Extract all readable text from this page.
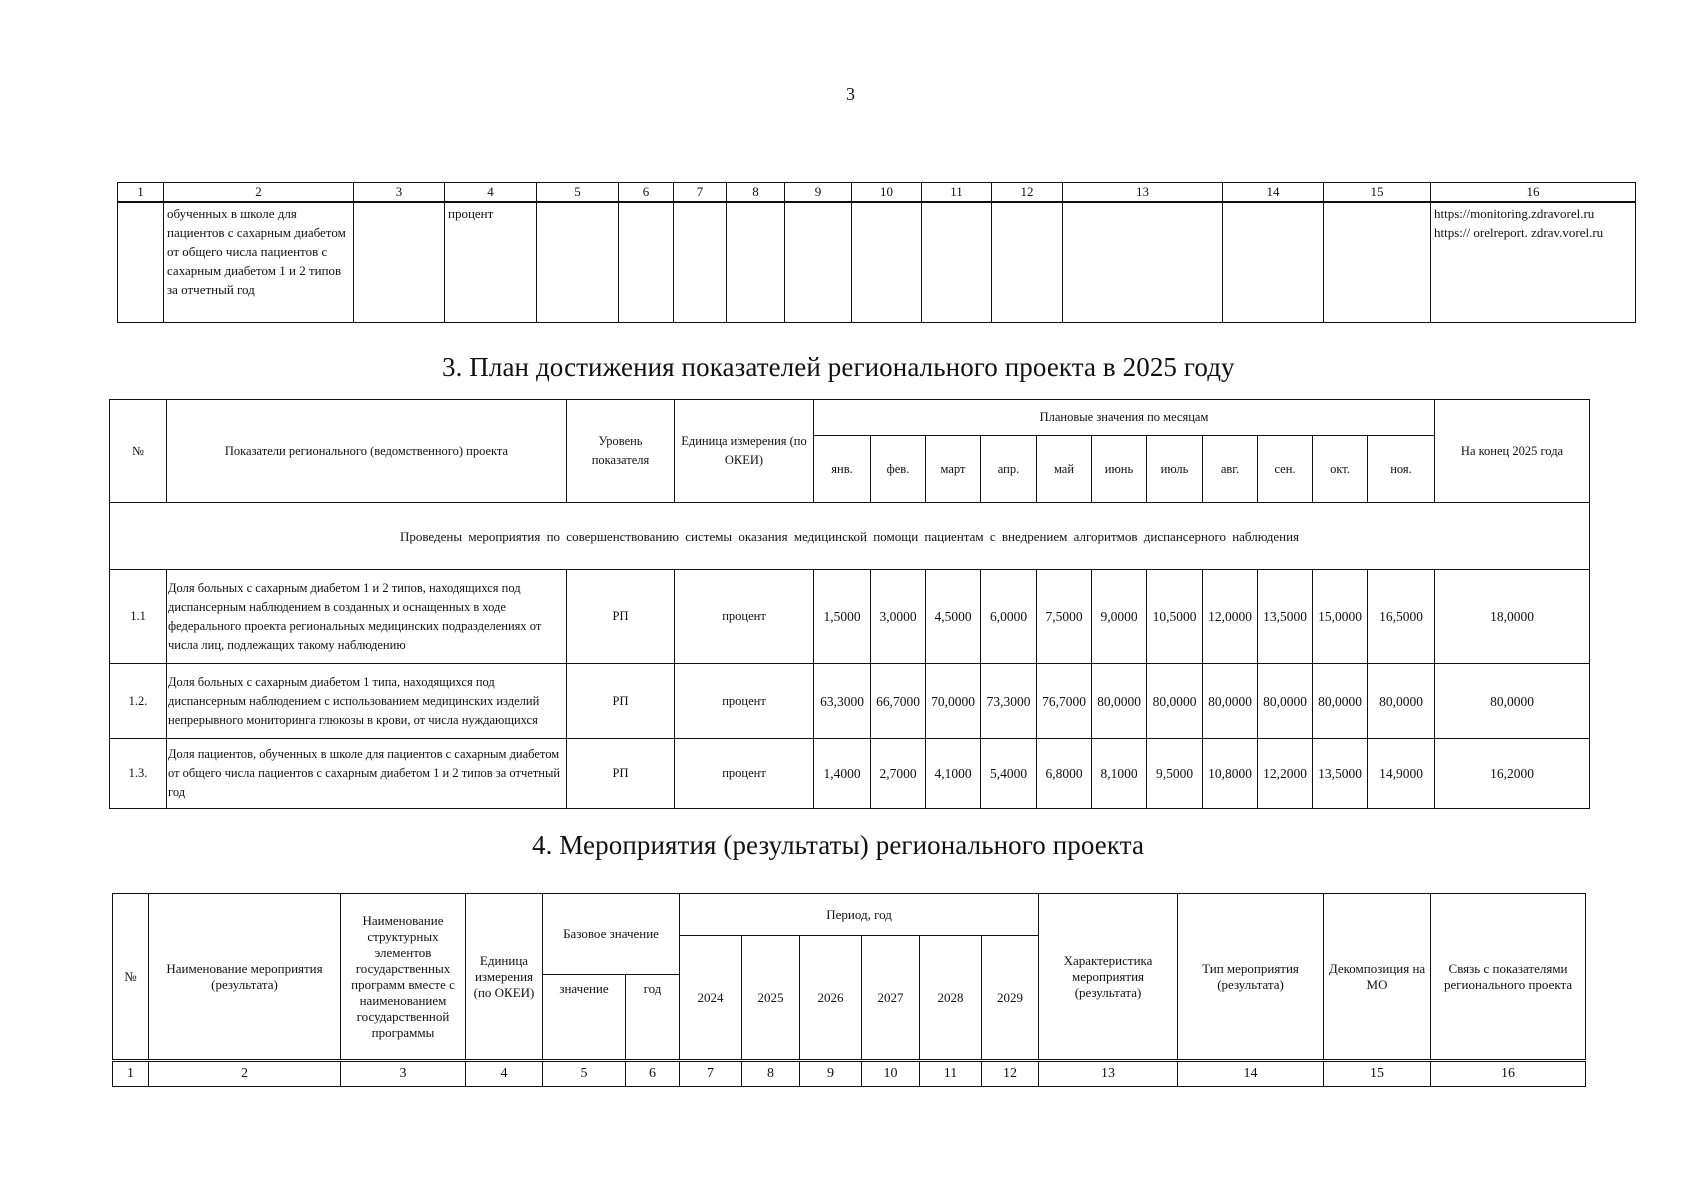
3
1	2	3	4	5	6	7	8	9	10	11	12	13	14	15	16
	обученных в школе для пациентов с сахарным диабетом от общего числа пациентов с сахарным диабетом 1 и 2 типов за отчетный год		процент												https://monitoring.zdravorel.ru
https:// orelreport. zdrav.vorel.ru
3. План достижения показателей регионального проекта в 2025 году
№	Показатели регионального (ведомственного) проекта	Уровень показателя	Единица измерения (по ОКЕИ)	Плановые значения по месяцам											На конец 2025 года
				янв.	фев.	март	апр.	май	июнь	июль	авг.	сен.	окт.	ноя.	
Проведены мероприятия по совершенствованию системы оказания медицинской помощи пациентам с внедрением алгоритмов диспансерного наблюдения															
1.1	Доля больных с сахарным диабетом 1 и 2 типов, находящихся под диспансерным наблюдением в созданных и оснащенных в ходе федерального проекта региональных медицинских подразделениях от числа лиц, подлежащих такому наблюдению	РП	процент	1,5000	3,0000	4,5000	6,0000	7,5000	9,0000	10,5000	12,0000	13,5000	15,0000	16,5000	18,0000
1.2.	Доля больных с сахарным диабетом 1 типа, находящихся под диспансерным наблюдением с использованием медицинских изделий непрерывного мониторинга глюкозы в крови, от числа нуждающихся	РП	процент	63,3000	66,7000	70,0000	73,3000	76,7000	80,0000	80,0000	80,0000	80,0000	80,0000	80,0000	80,0000
1.3.	Доля пациентов, обученных в школе для пациентов с сахарным диабетом от общего числа пациентов с сахарным диабетом 1 и 2 типов за отчетный год	РП	процент	1,4000	2,7000	4,1000	5,4000	6,8000	8,1000	9,5000	10,8000	12,2000	13,5000	14,9000	16,2000
4. Мероприятия (результаты) регионального проекта
№	Наименование мероприятия (результата)	Наименование структурных элементов государственных программ вместе с наименованием государственной программы	Единица измерения (по ОКЕИ)	Базовое значение		Период, год						Характеристика мероприятия (результата)	Тип мероприятия (результата)	Декомпозиция на МО	Связь с показателями регионального проекта
						2024	2025	2026	2027	2028	2029				
				значение	год										
1	2	3	4	5	6	7	8	9	10	11	12	13	14	15	16
